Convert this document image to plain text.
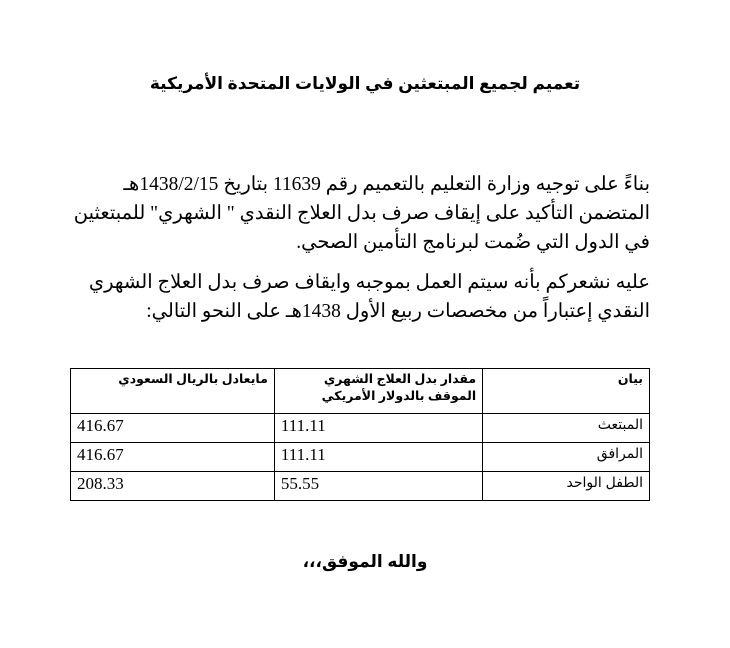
تعميم لجميع المبتعثين في الولايات المتحدة الأمريكية

بناءً على توجيه وزارة التعليم بالتعميم رقم 11639 بتاريخ 1438/2/15هـ المتضمن التأكيد على إيقاف صرف بدل العلاج النقدي " الشهري" للمبتعثين في الدول التي ضُمت لبرنامج التأمين الصحي.

عليه نشعركم بأنه سيتم العمل بموجبه وايقاف صرف بدل العلاج الشهري النقدي إعتباراً من مخصصات ربيع الأول 1438هـ على النحو التالي:

بيان	مقدار بدل العلاج الشهري الموقف بالدولار الأمريكي	مايعادل بالريال السعودي
المبتعث	111.11	416.67
المرافق	111.11	416.67
الطفل الواحد	55.55	208.33

والله الموفق،،،
